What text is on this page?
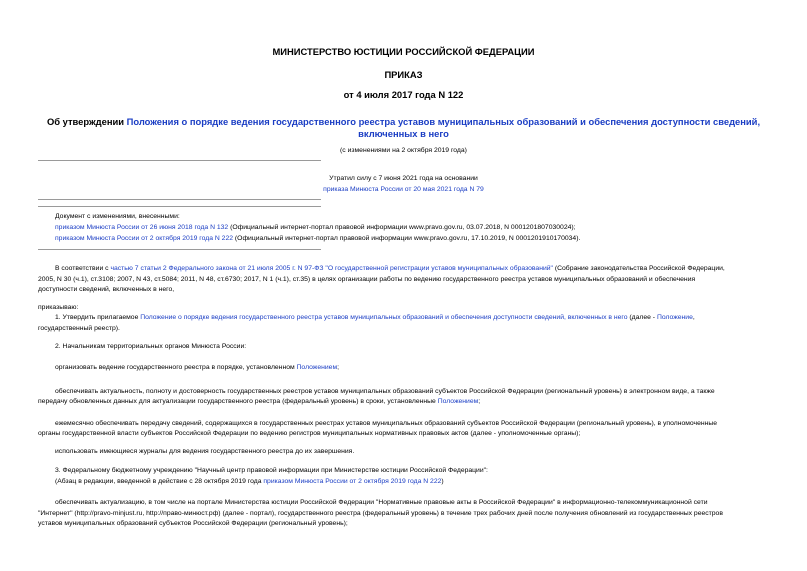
МИНИСТЕРСТВО ЮСТИЦИИ РОССИЙСКОЙ ФЕДЕРАЦИИ
ПРИКАЗ
от 4 июля 2017 года N 122
Об утверждении Положения о порядке ведения государственного реестра уставов муниципальных образований и обеспечения доступности сведений,
включенных в него
(с изменениями на 2 октября 2019 года)
Утратил силу с 7 июня 2021 года на основании
приказа Минюста России от 20 мая 2021 года N 79
Документ с изменениями, внесенными:
приказом Минюста России от 26 июня 2018 года N 132 (Официальный интернет-портал правовой информации www.pravo.gov.ru, 03.07.2018, N 0001201807030024);
приказом Минюста России от 2 октября 2019 года N 222 (Официальный интернет-портал правовой информации www.pravo.gov.ru, 17.10.2019, N 0001201910170034).
В соответствии с частью 7 статьи 2 Федерального закона от 21 июля 2005 г. N 97-ФЗ "О государственной регистрации уставов муниципальных образований" (Собрание законодательства Российской Федерации,
2005, N 30 (ч.1), ст.3108; 2007, N 43, ст.5084; 2011, N 48, ст.6730; 2017, N 1 (ч.1), ст.35) в целях организации работы по ведению государственного реестра уставов муниципальных образований и обеспечения
доступности сведений, включенных в него,
приказываю:
1. Утвердить прилагаемое Положение о порядке ведения государственного реестра уставов муниципальных образований и обеспечения доступности сведений, включенных в него (далее - Положение,
государственный реестр).
2. Начальникам территориальных органов Минюста России:
организовать ведение государственного реестра в порядке, установленном Положением;
обеспечивать актуальность, полноту и достоверность государственных реестров уставов муниципальных образований субъектов Российской Федерации (региональный уровень) в электронном виде, а также
передачу обновленных данных для актуализации государственного реестра (федеральный уровень) в сроки, установленные Положением;
ежемесячно обеспечивать передачу сведений, содержащихся в государственных реестрах уставов муниципальных образований субъектов Российской Федерации (региональный уровень), в уполномоченные
органы государственной власти субъектов Российской Федерации по ведению регистров муниципальных нормативных правовых актов (далее - уполномоченные органы);
использовать имеющиеся журналы для ведения государственного реестра до их завершения.
3. Федеральному бюджетному учреждению "Научный центр правовой информации при Министерстве юстиции Российской Федерации":
(Абзац в редакции, введенной в действие с 28 октября 2019 года приказом Минюста России от 2 октября 2019 года N 222)
обеспечивать актуализацию, в том числе на портале Министерства юстиции Российской Федерации "Нормативные правовые акты в Российской Федерации" в информационно-телекоммуникационной сети
"Интернет" (http://pravo-minjust.ru, http://право-минюст.рф) (далее - портал), государственного реестра (федеральный уровень) в течение трех рабочих дней после получения обновлений из государственных реестров
уставов муниципальных образований субъектов Российской Федерации (региональный уровень);
